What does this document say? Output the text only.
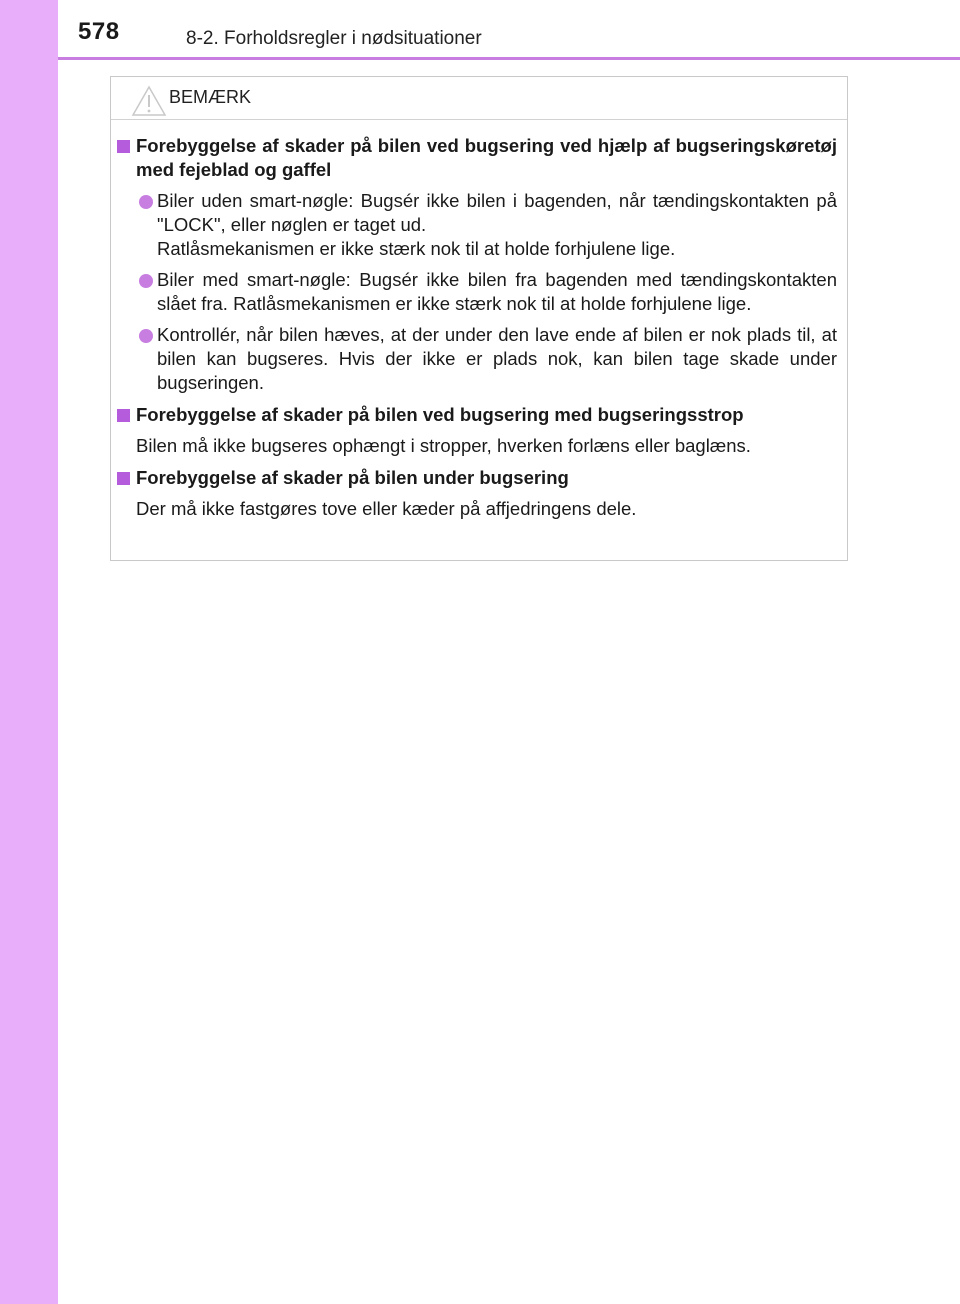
578	8-2. Forholdsregler i nødsituationer
BEMÆRK
Forebyggelse af skader på bilen ved bugsering ved hjælp af bugseringskøretøj med fejeblad og gaffel
Biler uden smart-nøgle: Bugsér ikke bilen i bagenden, når tændingskontakten på "LOCK", eller nøglen er taget ud.
Ratlåsmekanismen er ikke stærk nok til at holde forhjulene lige.
Biler med smart-nøgle: Bugsér ikke bilen fra bagenden med tændingskontakten slået fra. Ratlåsmekanismen er ikke stærk nok til at holde forhjulene lige.
Kontrollér, når bilen hæves, at der under den lave ende af bilen er nok plads til, at bilen kan bugseres. Hvis der ikke er plads nok, kan bilen tage skade under bugseringen.
Forebyggelse af skader på bilen ved bugsering med bugseringsstrop
Bilen må ikke bugseres ophængt i stropper, hverken forlæns eller baglæns.
Forebyggelse af skader på bilen under bugsering
Der må ikke fastgøres tove eller kæder på affjedringens dele.
